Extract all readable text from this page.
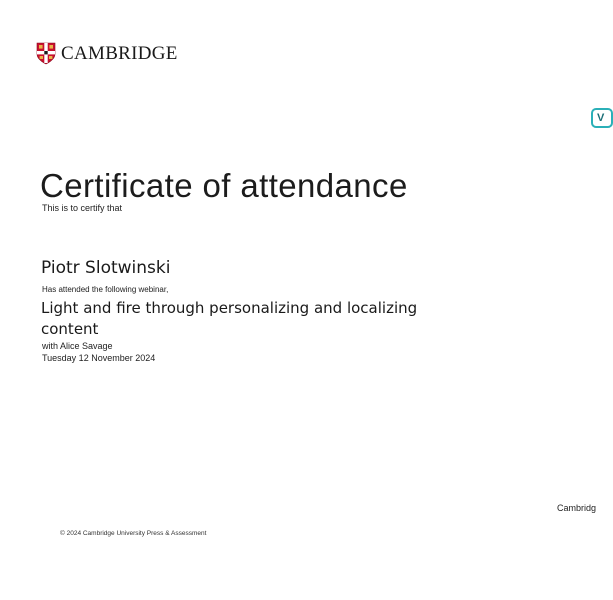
CAMBRIDGE
V
Certificate of attendance
This is to certify that
Piotr Slotwinski
Has attended the following webinar,
Light and fire through personalizing and localizing content
with Alice Savage
Tuesday 12 November 2024
Cambridg
© 2024 Cambridge University Press & Assessment
